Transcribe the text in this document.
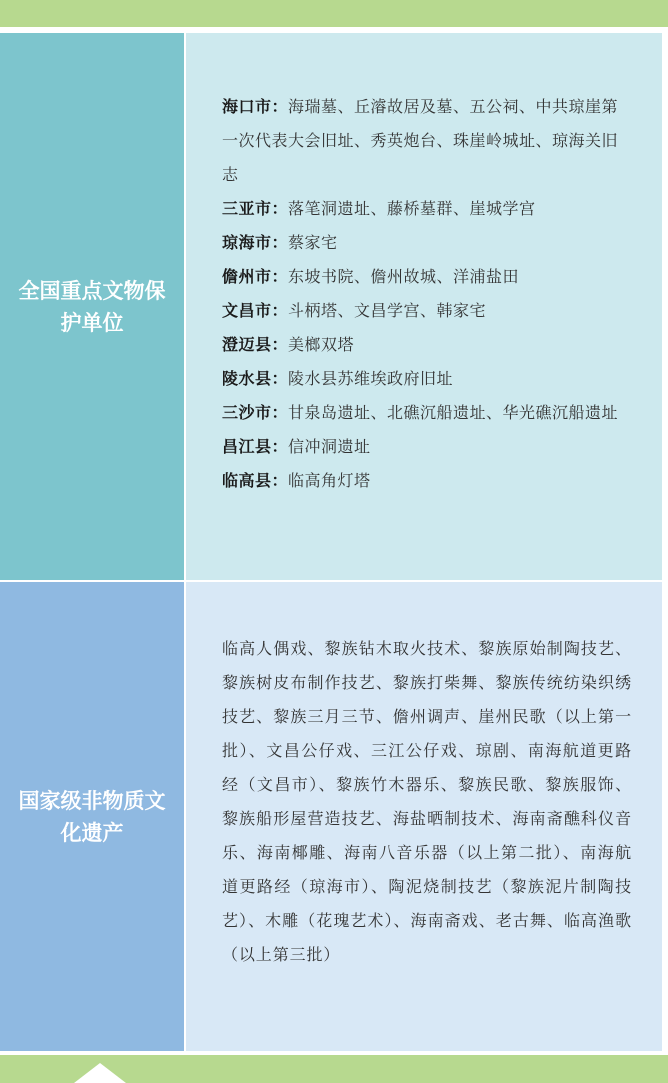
全国重点文物保护单位
海口市：海瑞墓、丘濬故居及墓、五公祠、中共琼崖第一次代表大会旧址、秀英炮台、珠崖岭城址、琼海关旧志
三亚市：落笔洞遗址、藤桥墓群、崖城学宫
琼海市：蔡家宅
儋州市：东坡书院、儋州故城、洋浦盐田
文昌市：斗柄塔、文昌学宫、韩家宅
澄迈县：美榔双塔
陵水县：陵水县苏维埃政府旧址
三沙市：甘泉岛遗址、北礁沉船遗址、华光礁沉船遗址
昌江县：信冲洞遗址
临高县：临高角灯塔
国家级非物质文化遗产
临高人偶戏、黎族钻木取火技术、黎族原始制陶技艺、黎族树皮布制作技艺、黎族打柴舞、黎族传统纺染织绣技艺、黎族三月三节、儋州调声、崖州民歌（以上第一批）、文昌公仔戏、三江公仔戏、琼剧、南海航道更路经（文昌市）、黎族竹木器乐、黎族民歌、黎族服饰、黎族船形屋营造技艺、海盐晒制技术、海南斋醮科仪音乐、海南椰雕、海南八音乐器（以上第二批）、南海航道更路经（琼海市）、陶泥烧制技艺（黎族泥片制陶技艺）、木雕（花瑰艺术）、海南斋戏、老古舞、临高渔歌（以上第三批）
